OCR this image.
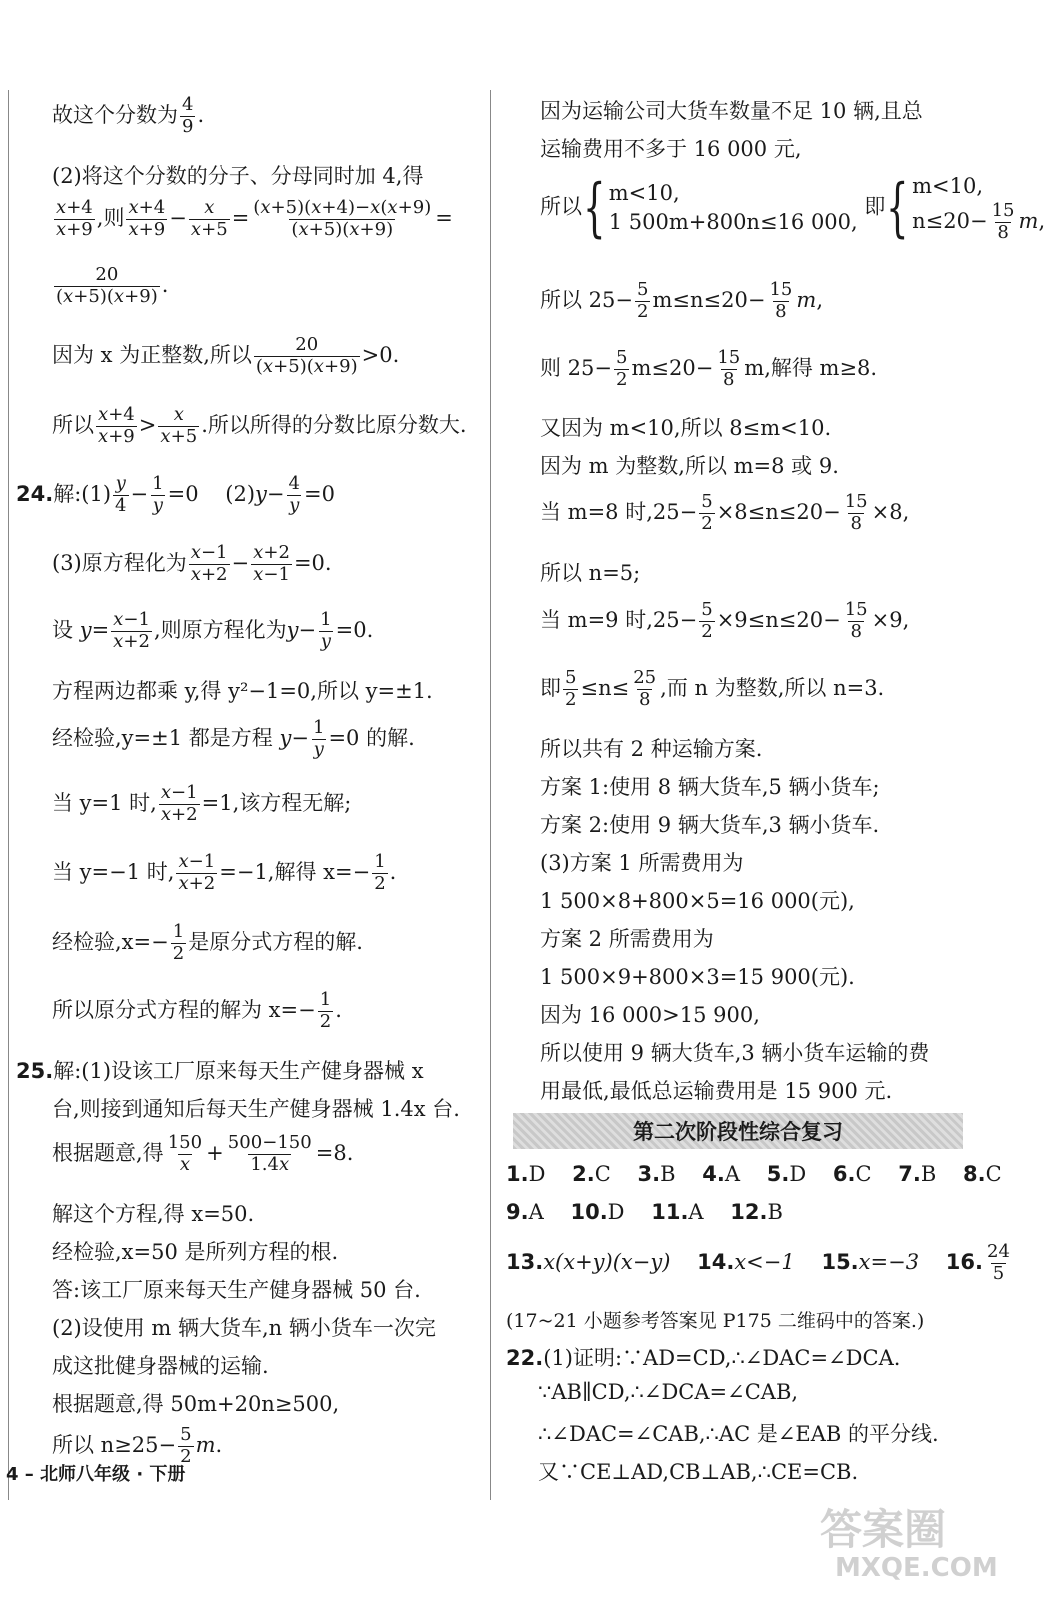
故这个分数为 $\frac{4}{9}$ .
(2)将这个分数的分子、分母同时加 4,得
$\frac{x+4}{x+9}$ ,则 $\frac{x+4}{x+9} - \frac{x}{x+5} = \frac{(x+5)(x+4)-x(x+9)}{(x+5)(x+9)}$ =
$\frac{20}{(x+5)(x+9)}$ .
因为 x 为正整数,所以 $\frac{20}{(x+5)(x+9)} >0$.
所以 $\frac{x+4}{x+9} > \frac{x}{x+5}$ .所以所得的分数比原分数大.
24.解:(1) $\frac{y}{4} - \frac{1}{y} =0$    $(2)y- \frac{4}{y} =0$
(3)原方程化为 $\frac{x-1}{x+2} - \frac{x+2}{x-1} =0$.
设 $y= \frac{x-1}{x+2}$ ,则原方程化为$y- \frac{1}{y} =0$.
方程两边都乘 y,得 y²−1=0,所以 y=±1.
经检验,y=±1 都是方程 $y- \frac{1}{y} =0$ 的解.
当 y=1 时, $\frac{x-1}{x+2} =1$,该方程无解;
当 y=−1 时, $\frac{x-1}{x+2} =-1$,解得 $x=- \frac{1}{2}$ .
经检验$,x=- \frac{1}{2}$ 是原分式方程的解.
所以原分式方程的解为 $x=- \frac{1}{2}$ .
25.解:(1)设该工厂原来每天生产健身器械 x
台,则接到通知后每天生产健身器械 1.4x 台.
根据题意,得 $\frac{150}{x} + \frac{500-150}{1.4x} =8$.
解这个方程,得 x=50.
经检验,x=50 是所列方程的根.
答:该工厂原来每天生产健身器械 50 台.
(2)设使用 m 辆大货车,n 辆小货车一次完
成这批健身器械的运输.
根据题意,得 50m+20n≥500,
所以 $n\ge 25- \frac{5}{2} m$.
因为运输公司大货车数量不足 10 辆,且总
运输费用不多于 16 000 元,
所以{ m<10,
1 500m+800n≤16 000,
即{ m<10,
$n\le 20- \frac{15}{8} m$,
所以 $25- \frac{5}{2} m\le n\le 20- \frac{15}{8} m$,
则 $25- \frac{5}{2} m\le 20- \frac{15}{8} m$,解得 m≥8.
又因为 m<10,所以 8≤m<10.
因为 m 为整数,所以 m=8 或 9.
当 m=8 时$,25- \frac{5}{2} \times 8\le n\le 20- \frac{15}{8} \times 8$,
所以 n=5;
当 m=9 时$,25- \frac{5}{2} \times 9\le n\le 20- \frac{15}{8} \times 9$,
即 $\frac{5}{2} \le n\le \frac{25}{8}$ ,而 n 为整数,所以 n=3.
所以共有 2 种运输方案.
方案 1:使用 8 辆大货车,5 辆小货车;
方案 2:使用 9 辆大货车,3 辆小货车.
(3)方案 1 所需费用为
1 500×8+800×5=16 000(元),
方案 2 所需费用为
1 500×9+800×3=15 900(元).
因为 16 000>15 900,
所以使用 9 辆大货车,3 辆小货车运输的费
用最低,最低总运输费用是 15 900 元.
第二次阶段性综合复习
1.D 2.C 3.B 4.A 5.D 6.C 7.B 8.C
9.A 10.D 11.A 12.B
13.x(x+y)(x−y) 14.x<−1 15.x=−3 16. $\frac{24}{5}$
(17~21 小题参考答案见 P175 二维码中的答案.)
22.(1)证明:∵AD=CD,∴∠DAC=∠DCA.
∵AB∥CD,∴∠DCA=∠CAB,
∴∠DAC=∠CAB,∴AC 是∠EAB 的平分线.
又∵CE⊥AD,CB⊥AB,∴CE=CB.
4 – 北师八年级 · 下册
答案圈
MXQE.COM
